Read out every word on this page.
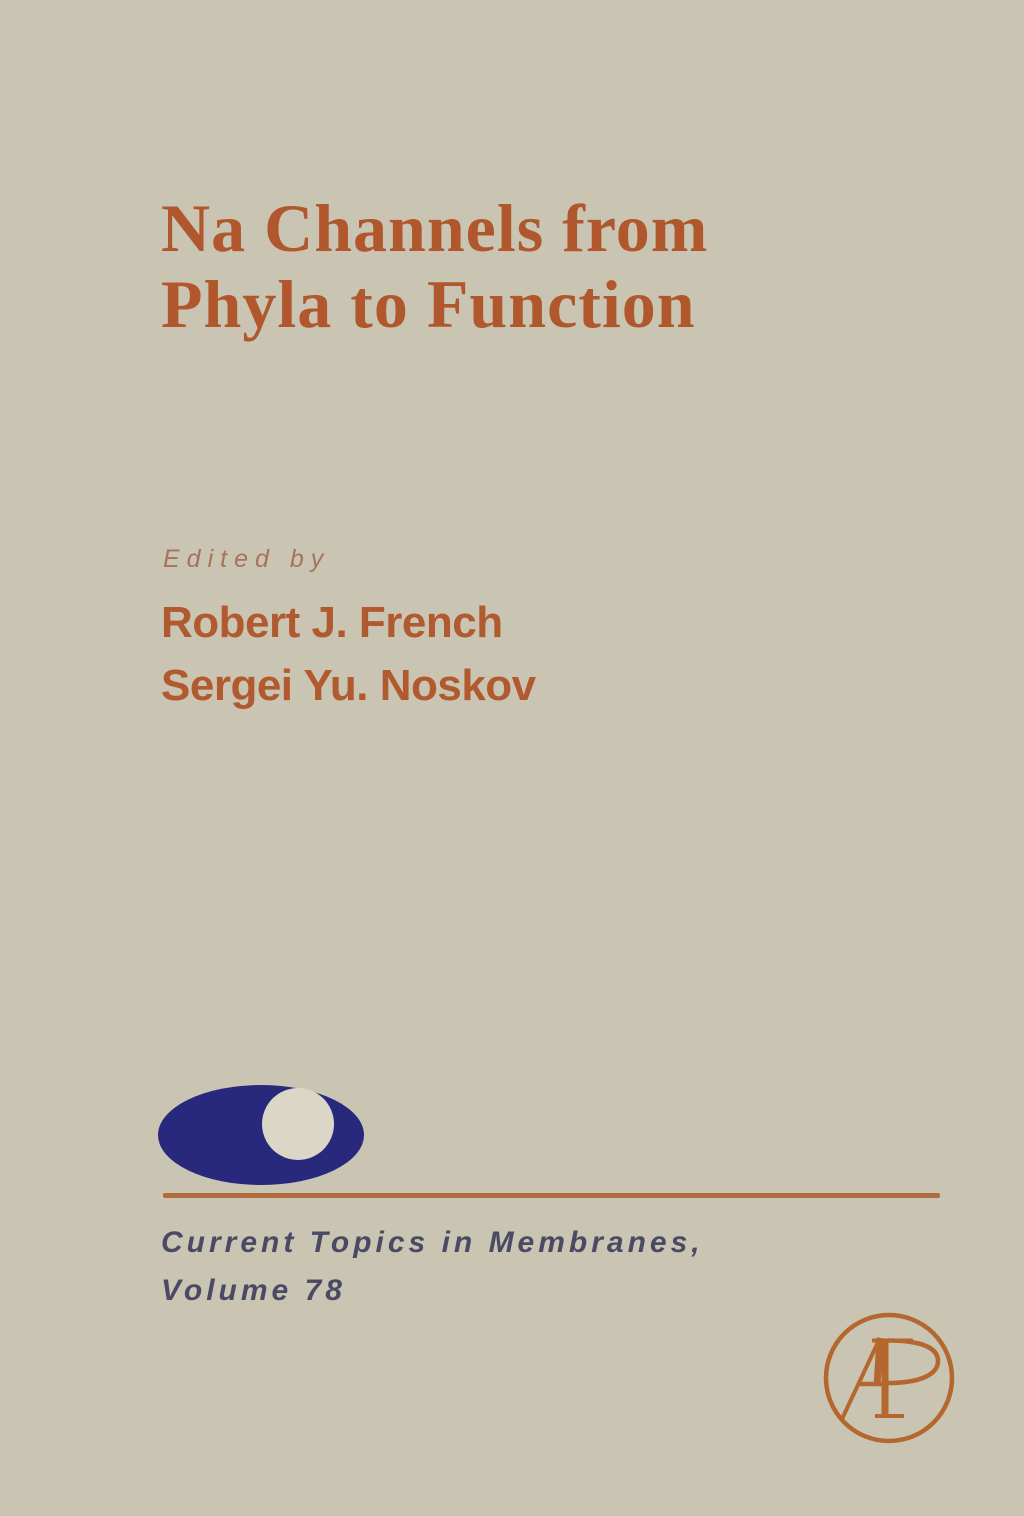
Na Channels from
Phyla to Function
Edited by
Robert J. French
Sergei Yu. Noskov
Current Topics in Membranes,
Volume 78
